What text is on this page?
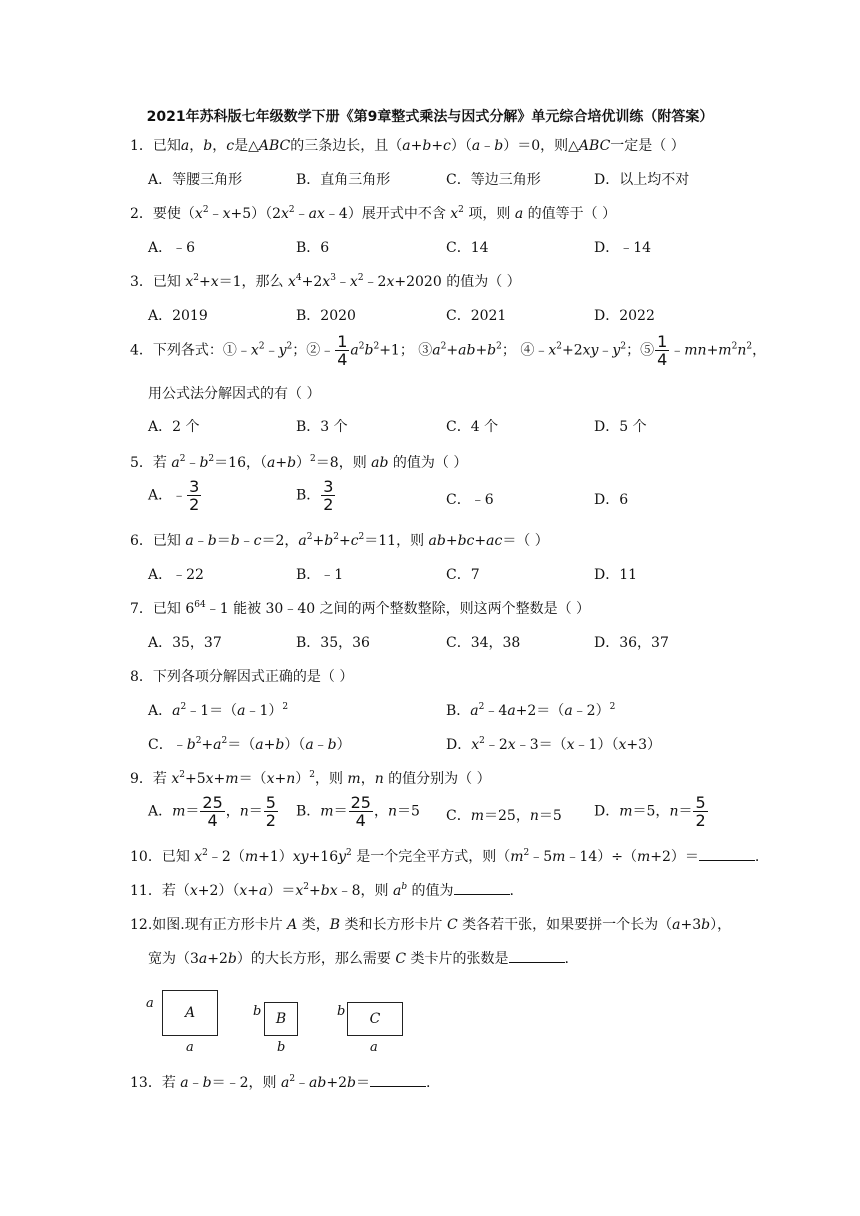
2021年苏科版七年级数学下册《第9章整式乘法与因式分解》单元综合培优训练（附答案）
1．已知a，b，c是△ABC的三条边长，且（a+b+c）（a﹣b）＝0，则△ABC一定是（ ）
A．等腰三角形	B．直角三角形	C．等边三角形	D．以上均不对
2．要使$(x^2﹣x+5)(2x^2﹣ax﹣4)$展开式中不含 $x^2$ 项，则 a 的值等于（ ）
A．﹣6	B．6	C．14	D．﹣14
3．已知 $x^2+x=1$，那么 $x^4+2x^3﹣x^2﹣2x+2020$ 的值为（ ）
A．2019	B．2020	C．2021	D．2022
4．下列各式：$①﹣x^2﹣y^2$；②﹣ $\frac{1}{4} a^2b^2+1$； $③a^2+ab+b^2$； $④﹣x^2+2xy﹣y^2$；⑤ $\frac{1}{4}$ $﹣mn+m^2n^2$，
用公式法分解因式的有（ ）
A．2 个	B．3 个	C．4 个	D．5 个
5．若 $a^2﹣b^2=16$，$(a+b)^2=8$，则 ab 的值为（ ）
A．﹣ $\frac{3}{2}$	B． $\frac{3}{2}$	C．﹣6	D．6
6．已知 a﹣b＝b﹣c＝2，$a^2+b^2+c^2=11$，则 ab+bc+ac＝（ ）
A．﹣22	B．﹣1	C．7	D．11
7．已知 $6^{64}﹣1$ 能被 30﹣40 之间的两个整数整除，则这两个整数是（ ）
A．35，37	B．35，36	C．34，38	D．36，37
8．下列各项分解因式正确的是（ ）
A．$a^2﹣1=(a﹣1)^2$	B．$a^2﹣4a+2=(a﹣2)^2$
C．$﹣b^2+a^2=(a+b)(a﹣b)$	D．$x^2﹣2x﹣3=(x﹣1)(x+3)$
9．若 $x^2+5x+m=(x+n)^2$，则 m，n 的值分别为（ ）
A．$m= \frac{25}{4}$ ，$n= \frac{5}{2}$ B．$m= \frac{25}{4}$ ，n＝5 C．m＝25，n＝5 D．m＝5，$n= \frac{5}{2}$
10．已知 $x^2﹣2(m+1)xy+16y^2$ 是一个完全平方式，则$(m^2﹣5m﹣14)\div(m+2)=$	.
11．若$(x+2)(x+a)=x^2+bx﹣8$，则 $a^b$ 的值为	.
12.如图.现有正方形卡片 A 类，B 类和长方形卡片 C 类各若干张，如果要拼一个长为（a+3b），
宽为（3a+2b）的大长方形，那么需要 C 类卡片的张数是	.
a
A
a
b B
b
b C
a
13．若 a﹣b＝﹣2，则 $a^2﹣ab+2b=$	.
